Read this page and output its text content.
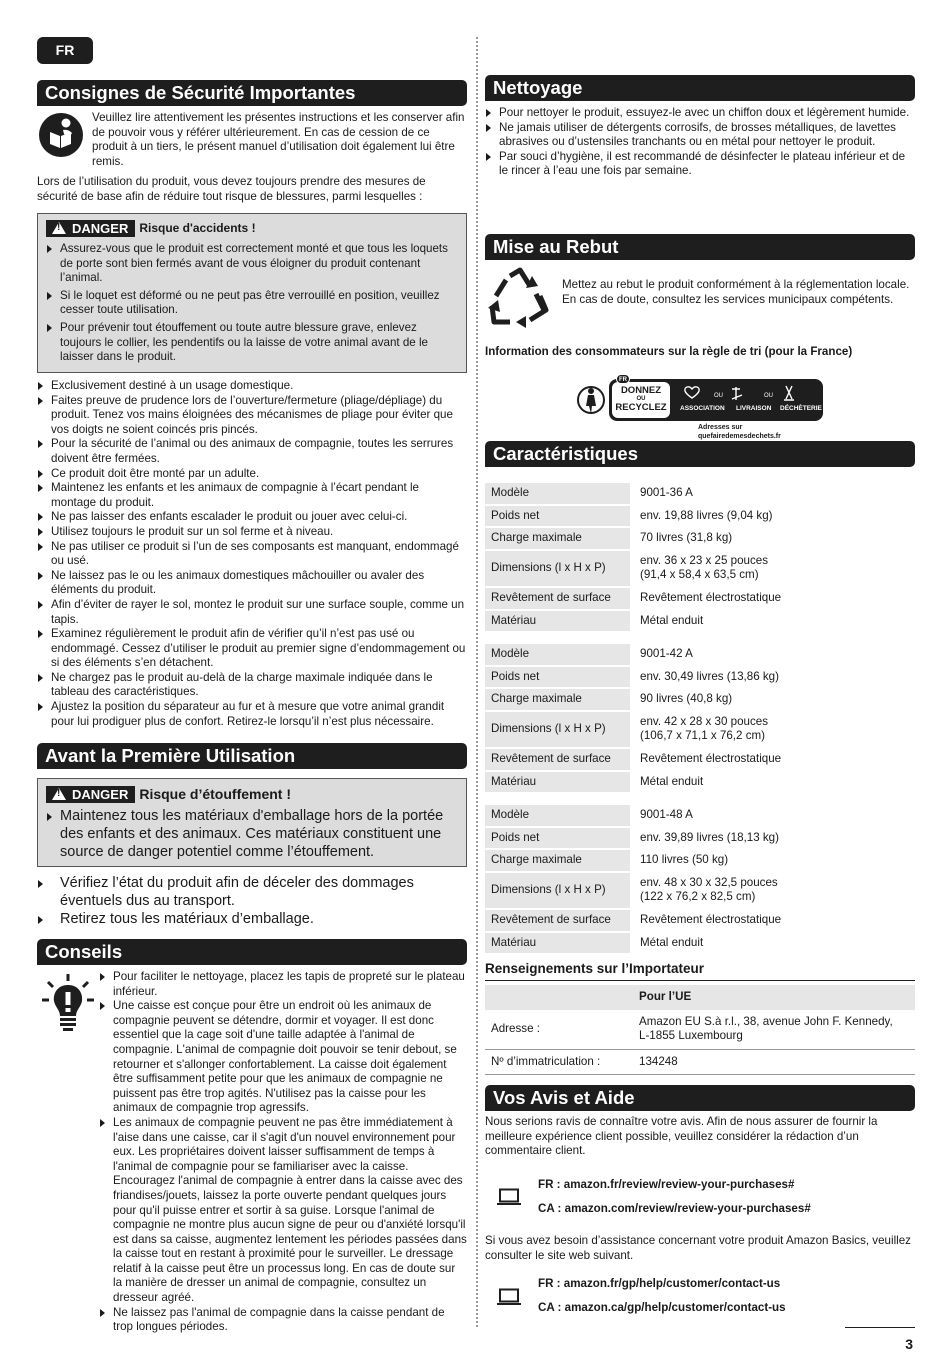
FR
Consignes de Sécurité Importantes
Veuillez lire attentivement les présentes instructions et les conserver afin de pouvoir vous y référer ultérieurement. En cas de cession de ce produit à un tiers, le présent manuel d’utilisation doit également lui être remis.
Lors de l’utilisation du produit, vous devez toujours prendre des mesures de sécurité de base afin de réduire tout risque de blessures, parmi lesquelles :
!DANGER Risque d'accidents !
Assurez-vous que le produit est correctement monté et que tous les loquets de porte sont bien fermés avant de vous éloigner du produit contenant l’animal.
Si le loquet est déformé ou ne peut pas être verrouillé en position, veuillez cesser toute utilisation.
Pour prévenir tout étouffement ou toute autre blessure grave, enlevez toujours le collier, les pendentifs ou la laisse de votre animal avant de le laisser dans le produit.
Exclusivement destiné à un usage domestique.
Faites preuve de prudence lors de l’ouverture/fermeture (pliage/dépliage) du produit. Tenez vos mains éloignées des mécanismes de pliage pour éviter que vos doigts ne soient coincés pris pincés.
Pour la sécurité de l’animal ou des animaux de compagnie, toutes les serrures doivent être fermées.
Ce produit doit être monté par un adulte.
Maintenez les enfants et les animaux de compagnie à l’écart pendant le montage du produit.
Ne pas laisser des enfants escalader le produit ou jouer avec celui-ci.
Utilisez toujours le produit sur un sol ferme et à niveau.
Ne pas utiliser ce produit si l’un de ses composants est manquant, endommagé ou usé.
Ne laissez pas le ou les animaux domestiques mâchouiller ou avaler des éléments du produit.
Afin d’éviter de rayer le sol, montez le produit sur une surface souple, comme un tapis.
Examinez régulièrement le produit afin de vérifier qu’il n’est pas usé ou endommagé. Cessez d’utiliser le produit au premier signe d’endommagement ou si des éléments s’en détachent.
Ne chargez pas le produit au-delà de la charge maximale indiquée dans le tableau des caractéristiques.
Ajustez la position du séparateur au fur et à mesure que votre animal grandit pour lui prodiguer plus de confort. Retirez-le lorsqu’il n’est plus nécessaire.
Avant la Première Utilisation
!DANGER Risque d’étouffement !
Maintenez tous les matériaux d'emballage hors de la portée des enfants et des animaux. Ces matériaux constituent une source de danger potentiel comme l’étouffement.
Vérifiez l’état du produit afin de déceler des dommages éventuels dus au transport.
Retirez tous les matériaux d’emballage.
Conseils
Pour faciliter le nettoyage, placez les tapis de propreté sur le plateau inférieur.
Une caisse est conçue pour être un endroit où les animaux de compagnie peuvent se détendre, dormir et voyager. Il est donc essentiel que la cage soit d'une taille adaptée à l'animal de compagnie. L'animal de compagnie doit pouvoir se tenir debout, se retourner et s'allonger confortablement. La caisse doit également être suffisamment petite pour que les animaux de compagnie ne puissent pas être trop agités. N'utilisez pas la caisse pour les animaux de compagnie trop agressifs.
Les animaux de compagnie peuvent ne pas être immédiatement à l'aise dans une caisse, car il s'agit d'un nouvel environnement pour eux. Les propriétaires doivent laisser suffisamment de temps à l'animal de compagnie pour se familiariser avec la caisse. Encouragez l'animal de compagnie à entrer dans la caisse avec des friandises/jouets, laissez la porte ouverte pendant quelques jours pour qu'il puisse entrer et sortir à sa guise. Lorsque l'animal de compagnie ne montre plus aucun signe de peur ou d'anxiété lorsqu'il est dans sa caisse, augmentez lentement les périodes passées dans la caisse tout en restant à proximité pour le surveiller. Le dressage relatif à la caisse peut être un processus long. En cas de doute sur la manière de dresser un animal de compagnie, consultez un dresseur agréé.
Ne laissez pas l'animal de compagnie dans la caisse pendant de trop longues périodes.
Nettoyage
Pour nettoyer le produit, essuyez-le avec un chiffon doux et légèrement humide.
Ne jamais utiliser de détergents corrosifs, de brosses métalliques, de lavettes abrasives ou d’ustensiles tranchants ou en métal pour nettoyer le produit.
Par souci d’hygiène, il est recommandé de désinfecter le plateau inférieur et de le rincer à l’eau une fois par semaine.
Mise au Rebut
Mettez au rebut le produit conformément à la réglementation locale. En cas de doute, consultez les services municipaux compétents.
Information des consommateurs sur la règle de tri (pour la France)
DONNEZ
OU
RECYCLEZ
FR
OU	OU
ASSOCIATION LIVRAISON DÉCHÈTERIE
Adresses sur quefairedemesdechets.fr
Caractéristiques
Modèle		9001-36 A
Poids net		env. 19,88 livres (9,04 kg)
Charge maximale		70 livres (31,8 kg)
Dimensions (l x H x P)		env. 36 x 23 x 25 pouces
(91,4 x 58,4 x 63,5 cm)

Revêtement de surface		Revêtement électrostatique
Matériau		Métal enduit
Modèle		9001-42 A
Poids net		env. 30,49 livres (13,86 kg)
Charge maximale		90 livres (40,8 kg)
Dimensions (l x H x P)		env. 42 x 28 x 30 pouces
(106,7 x 71,1 x 76,2 cm)

Revêtement de surface		Revêtement électrostatique
Matériau		Métal enduit
Modèle		9001-48 A
Poids net		env. 39,89 livres (18,13 kg)
Charge maximale		110 livres (50 kg)
Dimensions (l x H x P)		env. 48 x 30 x 32,5 pouces
(122 x 76,2 x 82,5 cm)

Revêtement de surface		Revêtement électrostatique
Matériau		Métal enduit
Renseignements sur l’Importateur
	Pour l’UE
Adresse :	Amazon EU S.à r.l., 38, avenue John F. Kennedy,
L-1855 Luxembourg

Nº d’immatriculation :	134248
Vos Avis et Aide
Nous serions ravis de connaître votre avis. Afin de nous assurer de fournir la meilleure expérience client possible, veuillez considérer la rédaction d’un commentaire client.
FR : amazon.fr/review/review-your-purchases#
CA : amazon.com/review/review-your-purchases#
Si vous avez besoin d’assistance concernant votre produit Amazon Basics, veuillez consulter le site web suivant.
FR : amazon.fr/gp/help/customer/contact-us
CA : amazon.ca/gp/help/customer/contact-us
3
